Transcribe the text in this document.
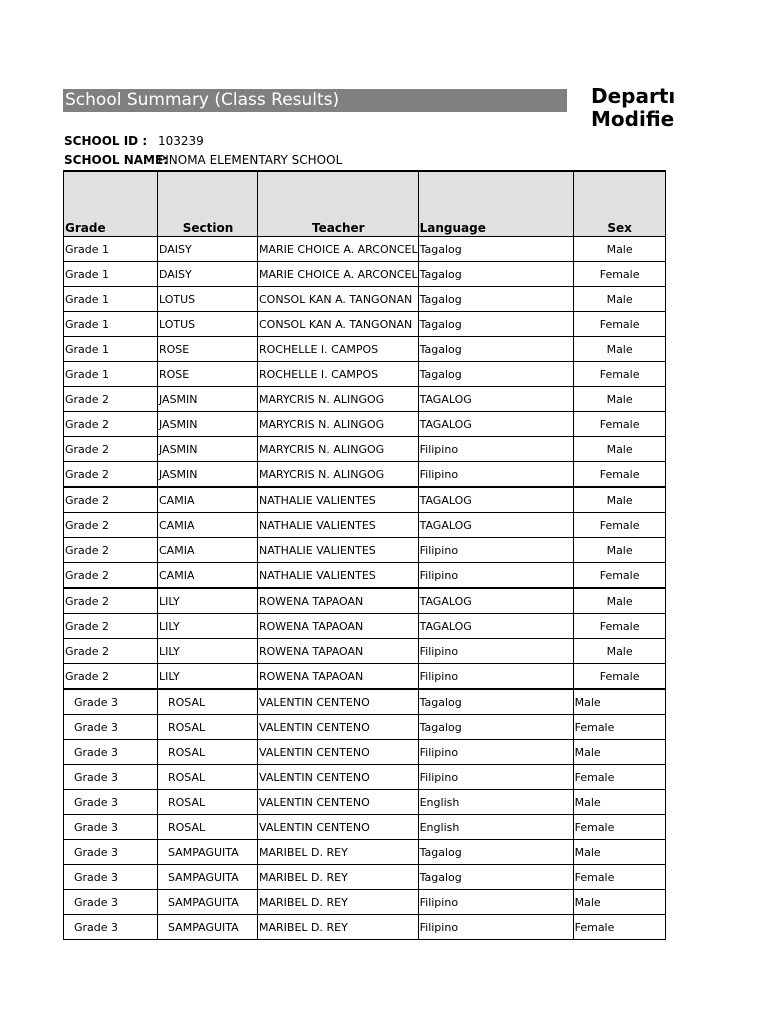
School Summary (Class Results)	Departı
Modifie
SCHOOL ID : 103239
SCHOOL NAME:
PINOMA ELEMENTARY SCHOOL
Grade	Section	Teacher	Language	Sex
Grade 1	DAISY	MARIE CHOICE A. ARCONCEL	Tagalog	Male
Grade 1	DAISY	MARIE CHOICE A. ARCONCEL	Tagalog	Female
Grade 1	LOTUS	CONSOL KAN A. TANGONAN	Tagalog	Male
Grade 1	LOTUS	CONSOL KAN A. TANGONAN	Tagalog	Female
Grade 1	ROSE	ROCHELLE I. CAMPOS	Tagalog	Male
Grade 1	ROSE	ROCHELLE I. CAMPOS	Tagalog	Female
Grade 2	JASMIN	MARYCRIS N. ALINGOG	TAGALOG	Male
Grade 2	JASMIN	MARYCRIS N. ALINGOG	TAGALOG	Female
Grade 2	JASMIN	MARYCRIS N. ALINGOG	Filipino	Male
Grade 2	JASMIN	MARYCRIS N. ALINGOG	Filipino	Female
Grade 2	CAMIA	NATHALIE VALIENTES	TAGALOG	Male
Grade 2	CAMIA	NATHALIE VALIENTES	TAGALOG	Female
Grade 2	CAMIA	NATHALIE VALIENTES	Filipino	Male
Grade 2	CAMIA	NATHALIE VALIENTES	Filipino	Female
Grade 2	LILY	ROWENA TAPAOAN	TAGALOG	Male
Grade 2	LILY	ROWENA TAPAOAN	TAGALOG	Female
Grade 2	LILY	ROWENA TAPAOAN	Filipino	Male
Grade 2	LILY	ROWENA TAPAOAN	Filipino	Female
Grade 3	ROSAL	VALENTIN CENTENO	Tagalog	Male
Grade 3	ROSAL	VALENTIN CENTENO	Tagalog	Female
Grade 3	ROSAL	VALENTIN CENTENO	Filipino	Male
Grade 3	ROSAL	VALENTIN CENTENO	Filipino	Female
Grade 3	ROSAL	VALENTIN CENTENO	English	Male
Grade 3	ROSAL	VALENTIN CENTENO	English	Female
Grade 3	SAMPAGUITA	MARIBEL D. REY	Tagalog	Male
Grade 3	SAMPAGUITA	MARIBEL D. REY	Tagalog	Female
Grade 3	SAMPAGUITA	MARIBEL D. REY	Filipino	Male
Grade 3	SAMPAGUITA	MARIBEL D. REY	Filipino	Female
